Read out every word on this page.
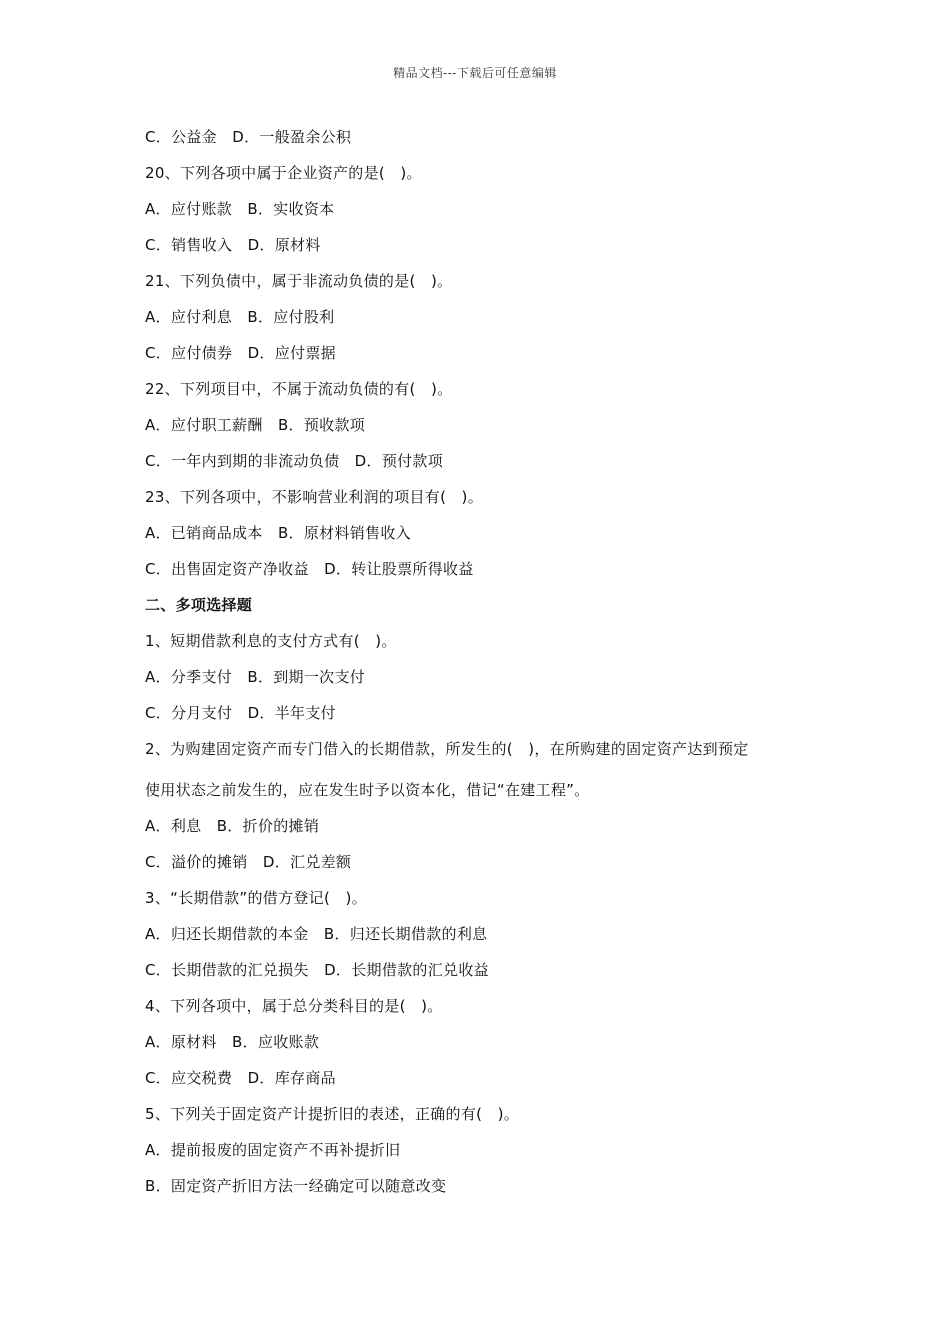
精品文档---下载后可任意编辑
C．公益金　D．一般盈余公积
20、下列各项中属于企业资产的是(　)。
A．应付账款　B．实收资本
C．销售收入　D．原材料
21、下列负债中，属于非流动负债的是(　)。
A．应付利息　B．应付股利
C．应付债券　D．应付票据
22、下列项目中，不属于流动负债的有(　)。
A．应付职工薪酬　B．预收款项
C．一年内到期的非流动负债　D．预付款项
23、下列各项中，不影响营业利润的项目有(　)。
A．已销商品成本　B．原材料销售收入
C．出售固定资产净收益　D．转让股票所得收益
二、多项选择题
1、短期借款利息的支付方式有(　)。
A．分季支付　B．到期一次支付
C．分月支付　D．半年支付
2、为购建固定资产而专门借入的长期借款，所发生的(　)，在所购建的固定资产达到预定
使用状态之前发生的，应在发生时予以资本化，借记“在建工程”。
A．利息　B．折价的摊销
C．溢价的摊销　D．汇兑差额
3、“长期借款”的借方登记(　)。
A．归还长期借款的本金　B．归还长期借款的利息
C．长期借款的汇兑损失　D．长期借款的汇兑收益
4、下列各项中，属于总分类科目的是(　)。
A．原材料　B．应收账款
C．应交税费　D．库存商品
5、下列关于固定资产计提折旧的表述，正确的有(　)。
A．提前报废的固定资产不再补提折旧
B．固定资产折旧方法一经确定可以随意改变
